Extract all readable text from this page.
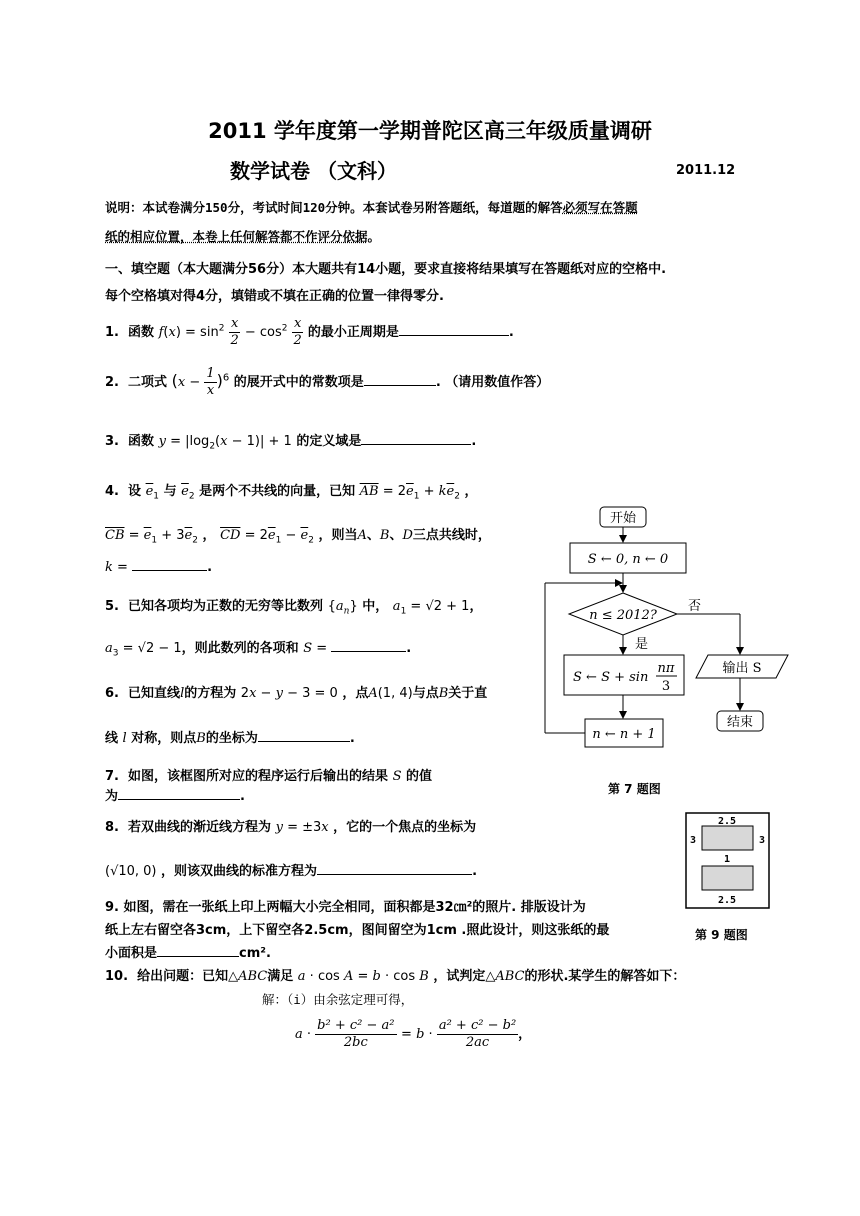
2011 学年度第一学期普陀区高三年级质量调研
数学试卷 （文科）	2011.12
说明：本试卷满分150分，考试时间120分钟。本套试卷另附答题纸，每道题的解答必须写在答题
纸的相应位置，本卷上任何解答都不作评分依据。
一、填空题（本大题满分56分）本大题共有14小题，要求直接将结果填写在答题纸对应的空格中.
每个空格填对得4分，填错或不填在正确的位置一律得零分.
1. 函数 $f(x) = \sin^2 \frac{x}{2} - \cos^2 \frac{x}{2}$ 的最小正周期是	.
2. 二项式 $(x - \frac{1}{x} )^6$ 的展开式中的常数项是	. （请用数值作答）
3. 函数 $y = |\log_2(x - 1)| + 1$ 的定义域是	.
4. 设 $\overline{e}_1$ 与 $\overline{e}_2$ 是两个不共线的向量，已知 $\overline{AB} = 2\overline{e}_1 + k\overline{e}_2$ ，
$\overline{CB} = \overline{e}_1 + 3\overline{e}_2$ ， $\overline{CD} = 2\overline{e}_1 - \overline{e}_2$ ，则当A、B、D三点共线时，
k =	.
5. 已知各项均为正数的无穷等比数列 $\{a_n\}$ 中， $a_1 = √2 + 1$，
$a_3 = √2 - 1$，则此数列的各项和 S =	.
6. 已知直线l的方程为 2x − y − 3 = 0 ，点A(1, 4)与点B关于直
线 l 对称，则点B的坐标为	.
7. 如图，该框图所对应的程序运行后输出的结果 S 的值
为	.
8. 若双曲线的渐近线方程为 y = ±3x ，它的一个焦点的坐标为
(√10, 0) ，则该双曲线的标准方程为	.
9. 如图，需在一张纸上印上两幅大小完全相同，面积都是32㎝²的照片. 排版设计为
纸上左右留空各3cm，上下留空各2.5cm，图间留空为1cm .照此设计，则这张纸的最
小面积是	cm².
10. 给出问题：已知△ABC满足 a · cos A = b · cos B ，试判定△ABC的形状.某学生的解答如下：
解：（i）由余弦定理可得，
$a \cdot \frac{\text{b² + c² − a²}}{2bc} = b \cdot \frac{\text{a² + c² − b²}}{2ac}$ ，
开始
S ← 0, n ← 0
n ≤ 2012?
否
是
S ← S + sin
nπ
3
n ← n + 1
输出 S
结束
第 7 题图
2.5
2.5
3	3
1
第 9 题图
